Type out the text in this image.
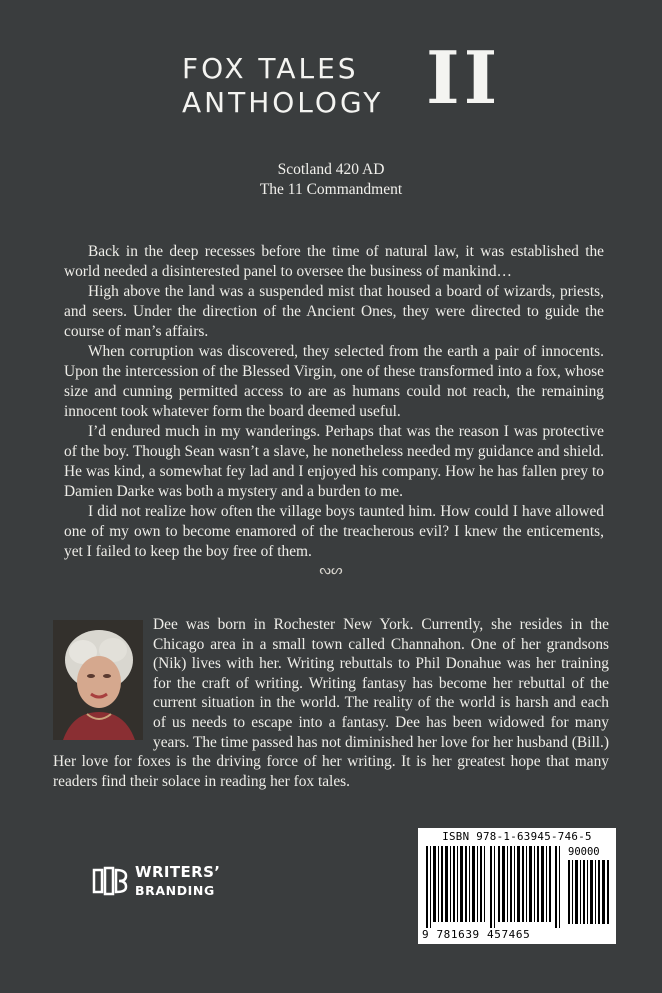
FOX TALES
ANTHOLOGY II
Scotland 420 AD
The 11 Commandment

Back in the deep recesses before the time of natural law, it was established the world needed a disinterested panel to oversee the business of mankind…

High above the land was a suspended mist that housed a board of wizards, priests, and seers. Under the direction of the Ancient Ones, they were directed to guide the course of man’s affairs.

When corruption was discovered, they selected from the earth a pair of innocents. Upon the intercession of the Blessed Virgin, one of these transformed into a fox, whose size and cunning permitted access to are as humans could not reach, the remaining innocent took whatever form the board deemed useful.

I’d endured much in my wanderings. Perhaps that was the reason I was protective of the boy. Though Sean wasn’t a slave, he nonetheless needed my guidance and shield. He was kind, a somewhat fey lad and I enjoyed his company. How he has fallen prey to Damien Darke was both a mystery and a burden to me.

I did not realize how often the village boys taunted him. How could I have allowed one of my own to become enamored of the treacherous evil? I knew the enticements, yet I failed to keep the boy free of them.

ᔓᔕ
Dee was born in Rochester New York. Currently, she resides in the Chicago area in a small town called Channahon. One of her grandsons (Nik) lives with her. Writing rebuttals to Phil Donahue was her training for the craft of writing. Writing fantasy has become her rebuttal of the current situation in the world. The reality of the world is harsh and each of us needs to escape into a fantasy. Dee has been widowed for many years. The time passed has not diminished her love for her husband (Bill.) Her love for foxes is the driving force of her writing. It is her greatest hope that many readers find their solace in reading her fox tales.
WRITERS’
BRANDING
ISBN 978-1-63945-746-5
90000
9 781639 457465
